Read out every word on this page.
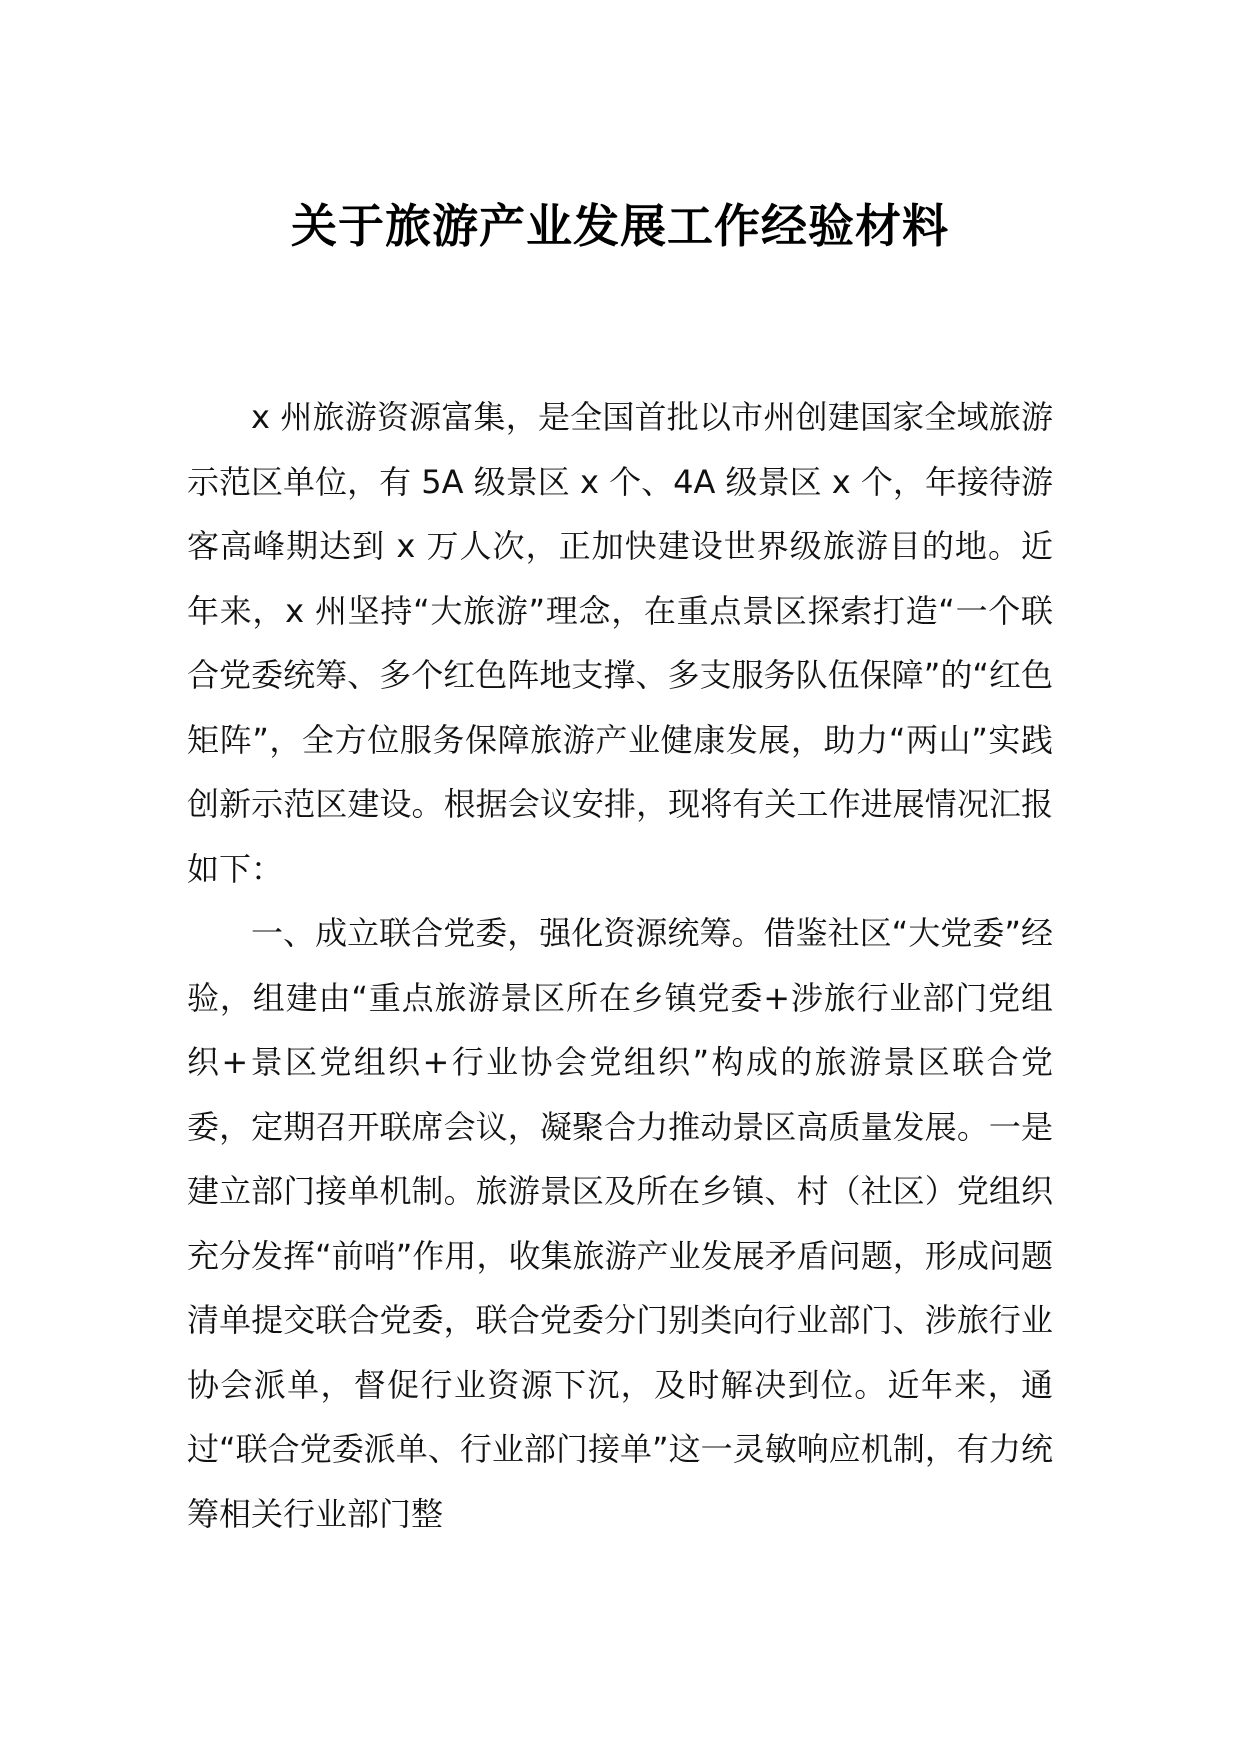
关于旅游产业发展工作经验材料

x 州旅游资源富集，是全国首批以市州创建国家全域旅游示范区单位，有 5A 级景区 x 个、4A 级景区 x 个，年接待游客高峰期达到 x 万人次，正加快建设世界级旅游目的地。近年来，x 州坚持“大旅游”理念，在重点景区探索打造“一个联合党委统筹、多个红色阵地支撑、多支服务队伍保障”的“红色矩阵”，全方位服务保障旅游产业健康发展，助力“两山”实践创新示范区建设。根据会议安排，现将有关工作进展情况汇报如下：

一、成立联合党委，强化资源统筹。借鉴社区“大党委”经验，组建由“重点旅游景区所在乡镇党委+涉旅行业部门党组织+景区党组织+行业协会党组织”构成的旅游景区联合党委，定期召开联席会议，凝聚合力推动景区高质量发展。一是建立部门接单机制。旅游景区及所在乡镇、村（社区）党组织充分发挥“前哨”作用，收集旅游产业发展矛盾问题，形成问题清单提交联合党委，联合党委分门别类向行业部门、涉旅行业协会派单，督促行业资源下沉，及时解决到位。近年来，通过“联合党委派单、行业部门接单”这一灵敏响应机制，有力统筹相关行业部门整
